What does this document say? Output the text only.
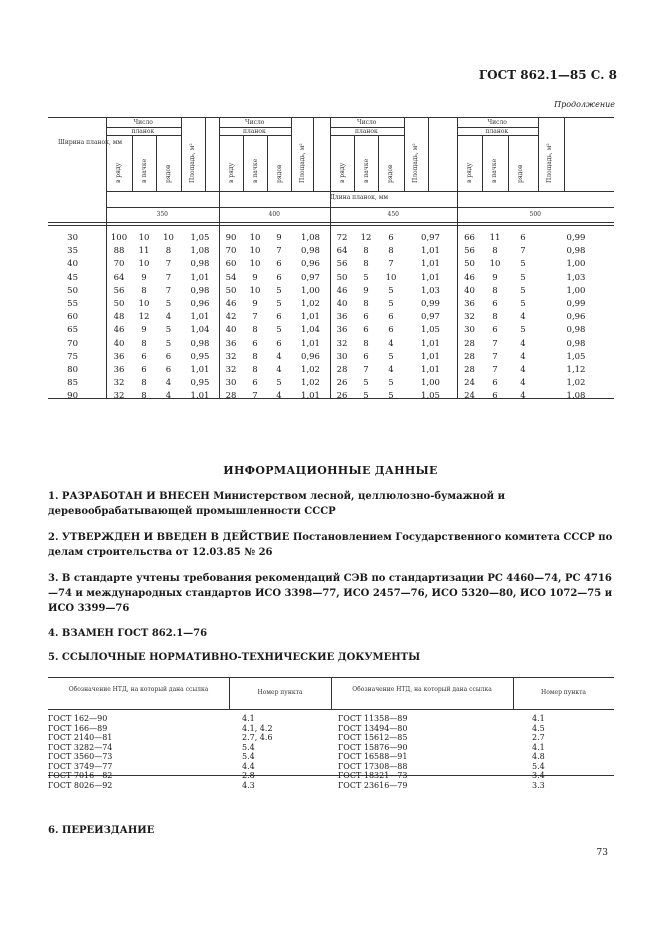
ГОСТ 862.1—85 С. 8
Продолжение
Число
планок
в ряду	в пачке	рядов	Площадь, м²
350
Число
планок
в ряду	в пачке	рядов	Площадь, м²
400
Число
планок
в ряду	в пачке	рядов	Площадь, м²
450
Число
планок
в ряду	в пачке	рядов	Площадь, м²
500
Ширина планок, мм
Длина планок, мм
30	100	10	10	1,05	90	10	9	1,08	72	12	6	0,97	66	11	6	0,99
35	88	11	8	1,08	70	10	7	0,98	64	8	8	1,01	56	8	7	0,98
40	70	10	7	0,98	60	10	6	0,96	56	8	7	1,01	50	10	5	1,00
45	64	9	7	1,01	54	9	6	0,97	50	5	10	1,01	46	9	5	1,03
50	56	8	7	0,98	50	10	5	1,00	46	9	5	1,03	40	8	5	1,00
55	50	10	5	0,96	46	9	5	1,02	40	8	5	0,99	36	6	5	0,99
60	48	12	4	1,01	42	7	6	1,01	36	6	6	0,97	32	8	4	0,96
65	46	9	5	1,04	40	8	5	1,04	36	6	6	1,05	30	6	5	0,98
70	40	8	5	0,98	36	6	6	1,01	32	8	4	1,01	28	7	4	0,98
75	36	6	6	0,95	32	8	4	0,96	30	6	5	1,01	28	7	4	1,05
80	36	6	6	1,01	32	8	4	1,02	28	7	4	1,01	28	7	4	1,12
85	32	8	4	0,95	30	6	5	1,02	26	5	5	1,00	24	6	4	1,02
90	32	8	4	1,01	28	7	4	1,01	26	5	5	1,05	24	6	4	1,08
ИНФОРМАЦИОННЫЕ ДАННЫЕ
1. РАЗРАБОТАН И ВНЕСЕН Министерством лесной, целлюлозно-бумажной и деревообрабатывающей промышленности СССР
2. УТВЕРЖДЕН И ВВЕДЕН В ДЕЙСТВИЕ Постановлением Государственного комитета СССР по делам строительства от 12.03.85 № 26
3. В стандарте учтены требования рекомендаций СЭВ по стандартизации РС 4460—74, РС 4716—74 и международных стандартов ИСО 3398—77, ИСО 2457—76, ИСО 5320—80, ИСО 1072—75 и ИСО 3399—76
4. ВЗАМЕН ГОСТ 862.1—76
5. ССЫЛОЧНЫЕ НОРМАТИВНО-ТЕХНИЧЕСКИЕ ДОКУМЕНТЫ
Обозначение НТД, на который дана ссылка	Номер пункта	Обозначение НТД, на который дана ссылка	Номер пункта
ГОСТ 162—90	4.1
ГОСТ 166—89	4.1, 4.2
ГОСТ 2140—81	2.7, 4.6
ГОСТ 3282—74	5.4
ГОСТ 3560—73	5.4
ГОСТ 3749—77	4.4
ГОСТ 7016—82	2.8
ГОСТ 8026—92	4.3
ГОСТ 11358—89	4.1
ГОСТ 13494—80	4.5
ГОСТ 15612—85	2.7
ГОСТ 15876—90	4.1
ГОСТ 16588—91	4.8
ГОСТ 17308—88	5.4
ГОСТ 18321—73	3.4
ГОСТ 23616—79	3.3
6. ПЕРЕИЗДАНИЕ
73
